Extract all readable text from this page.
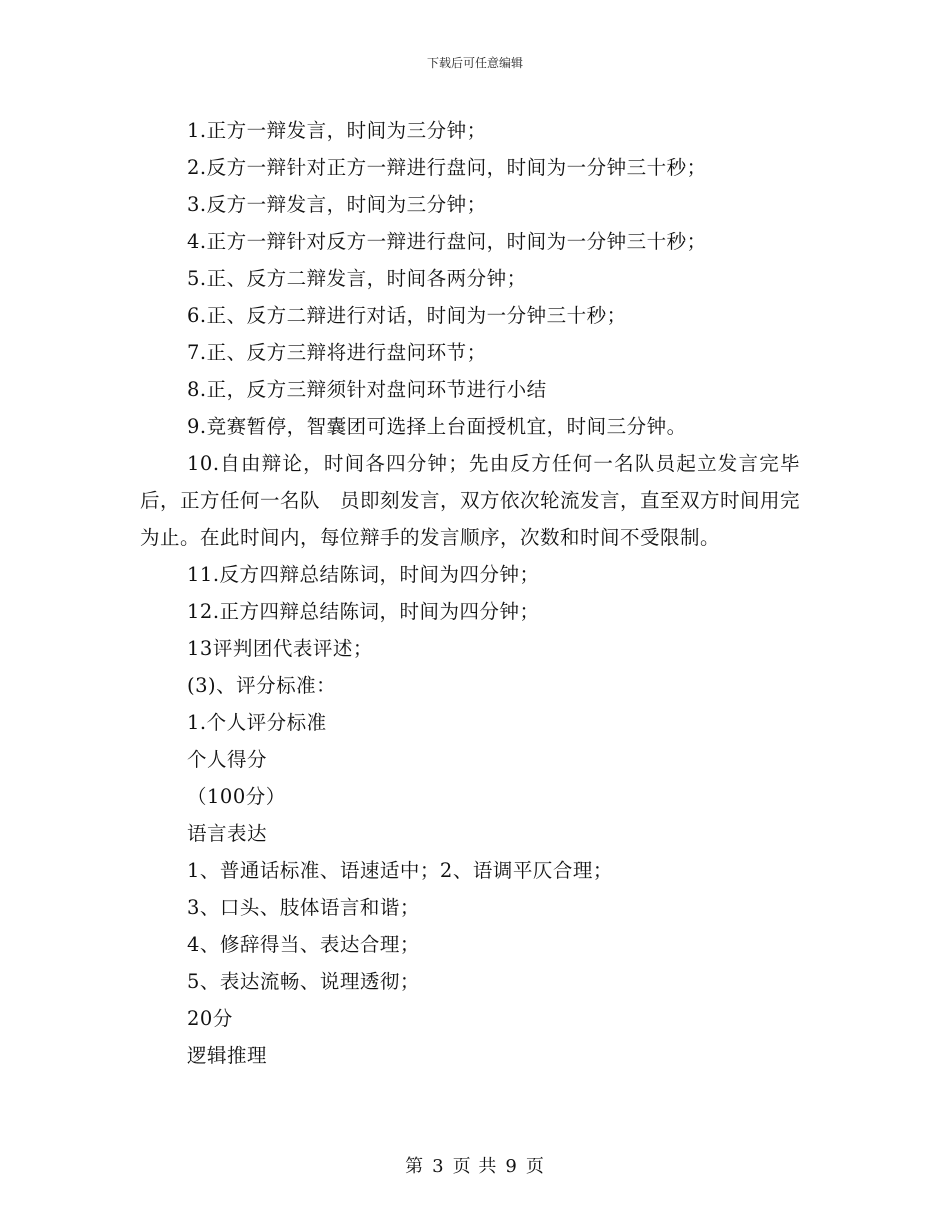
下载后可任意编辑
1.正方一辩发言，时间为三分钟；
2.反方一辩针对正方一辩进行盘问，时间为一分钟三十秒；
3.反方一辩发言，时间为三分钟；
4.正方一辩针对反方一辩进行盘问，时间为一分钟三十秒；
5.正、反方二辩发言，时间各两分钟；
6.正、反方二辩进行对话，时间为一分钟三十秒；
7.正、反方三辩将进行盘问环节；
8.正，反方三辩须针对盘问环节进行小结
9.竞赛暂停，智囊团可选择上台面授机宜，时间三分钟。
10.自由辩论，时间各四分钟；先由反方任何一名队员起立发言完毕后，正方任何一名队　员即刻发言，双方依次轮流发言，直至双方时间用完为止。在此时间内，每位辩手的发言顺序，次数和时间不受限制。
11.反方四辩总结陈词，时间为四分钟；
12.正方四辩总结陈词，时间为四分钟；
13评判团代表评述；
(3)、评分标准：
1.个人评分标准
个人得分
（100分）
语言表达
1、普通话标准、语速适中；2、语调平仄合理；
3、口头、肢体语言和谐；
4、修辞得当、表达合理；
5、表达流畅、说理透彻；
20分
逻辑推理
第 3 页 共 9 页
